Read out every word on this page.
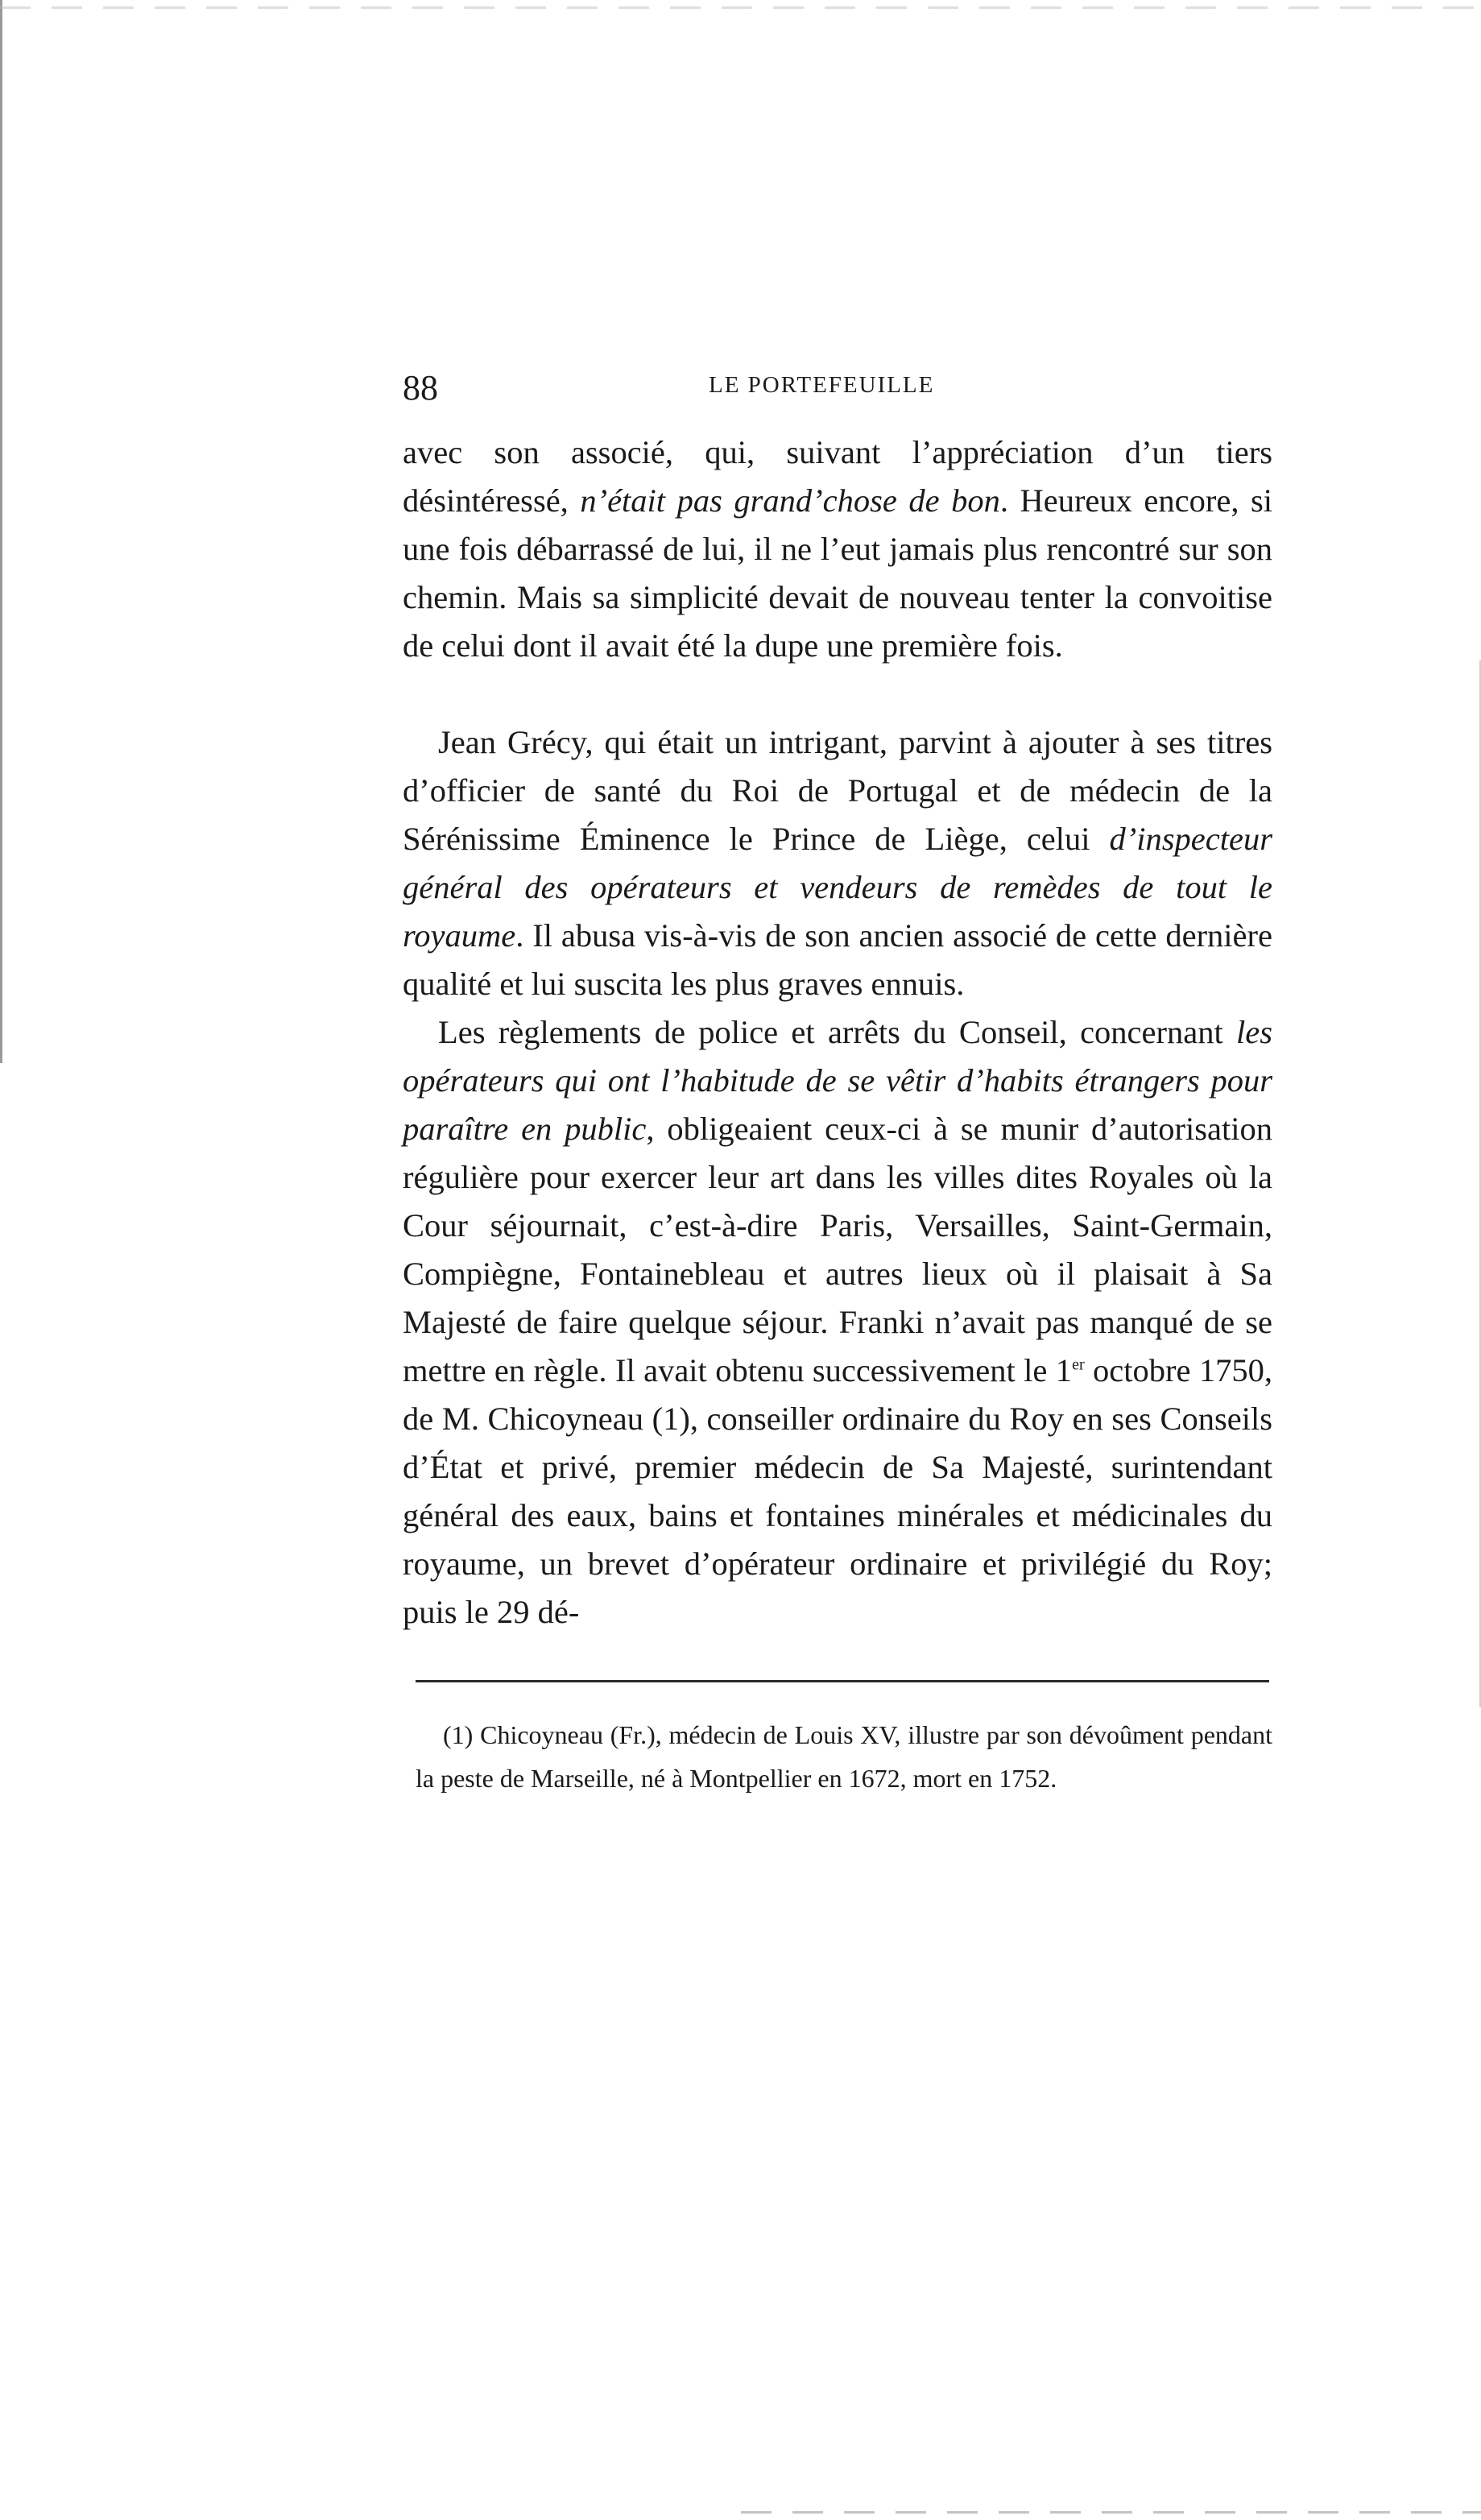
88	LE PORTEFEUILLE

avec son associé, qui, suivant l’appréciation d’un tiers désintéressé, n’était pas grand’chose de bon. Heureux encore, si une fois débarrassé de lui, il ne l’eut jamais plus rencontré sur son chemin. Mais sa simplicité devait de nouveau tenter la convoitise de celui dont il avait été la dupe une première fois.

Jean Grécy, qui était un intrigant, parvint à ajouter à ses titres d’officier de santé du Roi de Portugal et de médecin de la Sérénissime Éminence le Prince de Liège, celui d’inspecteur général des opérateurs et vendeurs de remèdes de tout le royaume. Il abusa vis-à-vis de son ancien associé de cette dernière qualité et lui suscita les plus graves ennuis.

Les règlements de police et arrêts du Conseil, concernant les opérateurs qui ont l’habitude de se vêtir d’habits étrangers pour paraître en public, obligeaient ceux-ci à se munir d’autorisation régulière pour exercer leur art dans les villes dites Royales où la Cour séjournait, c’est-à-dire Paris, Versailles, Saint-Germain, Compiègne, Fontainebleau et autres lieux où il plaisait à Sa Majesté de faire quelque séjour. Franki n’avait pas manqué de se mettre en règle. Il avait obtenu successivement le 1er octobre 1750, de M. Chicoyneau (1), conseiller ordinaire du Roy en ses Conseils d’État et privé, premier médecin de Sa Majesté, surintendant général des eaux, bains et fontaines minérales et médicinales du royaume, un brevet d’opérateur ordinaire et privilégié du Roy; puis le 29 dé-

(1) Chicoyneau (Fr.), médecin de Louis XV, illustre par son dévoûment pendant la peste de Marseille, né à Montpellier en 1672, mort en 1752.
